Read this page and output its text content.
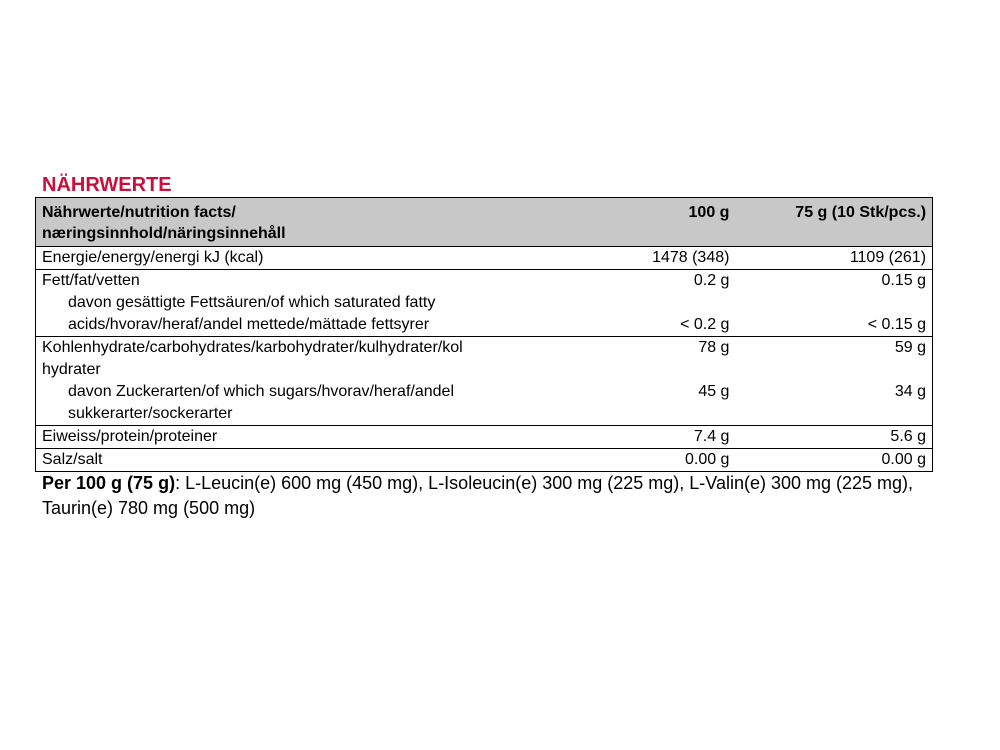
NÄHRWERTE
Nährwerte/nutrition facts/
næringsinnhold/näringsinnehåll
100 g	75 g (10 Stk/pcs.)
Energie/energy/energi kJ (kcal)	1478 (348)	1109 (261)
Fett/fat/vetten	0.2 g	0.15 g
davon gesättigte Fettsäuren/of which saturated fatty
acids/hvorav/heraf/andel mettede/mättade fettsyrer	< 0.2 g	< 0.15 g
Kohlenhydrate/carbohydrates/karbohydrater/kulhydrater/kol
hydrater
78 g	59 g
davon Zuckerarten/of which sugars/hvorav/heraf/andel
sukkerarter/sockerarter
45 g	34 g
Eiweiss/protein/proteiner	7.4 g	5.6 g
Salz/salt	0.00 g	0.00 g
Per 100 g (75 g): L-Leucin(e) 600 mg (450 mg), L-Isoleucin(e) 300 mg (225 mg), L-Valin(e) 300 mg (225 mg), Taurin(e) 780 mg (500 mg)
